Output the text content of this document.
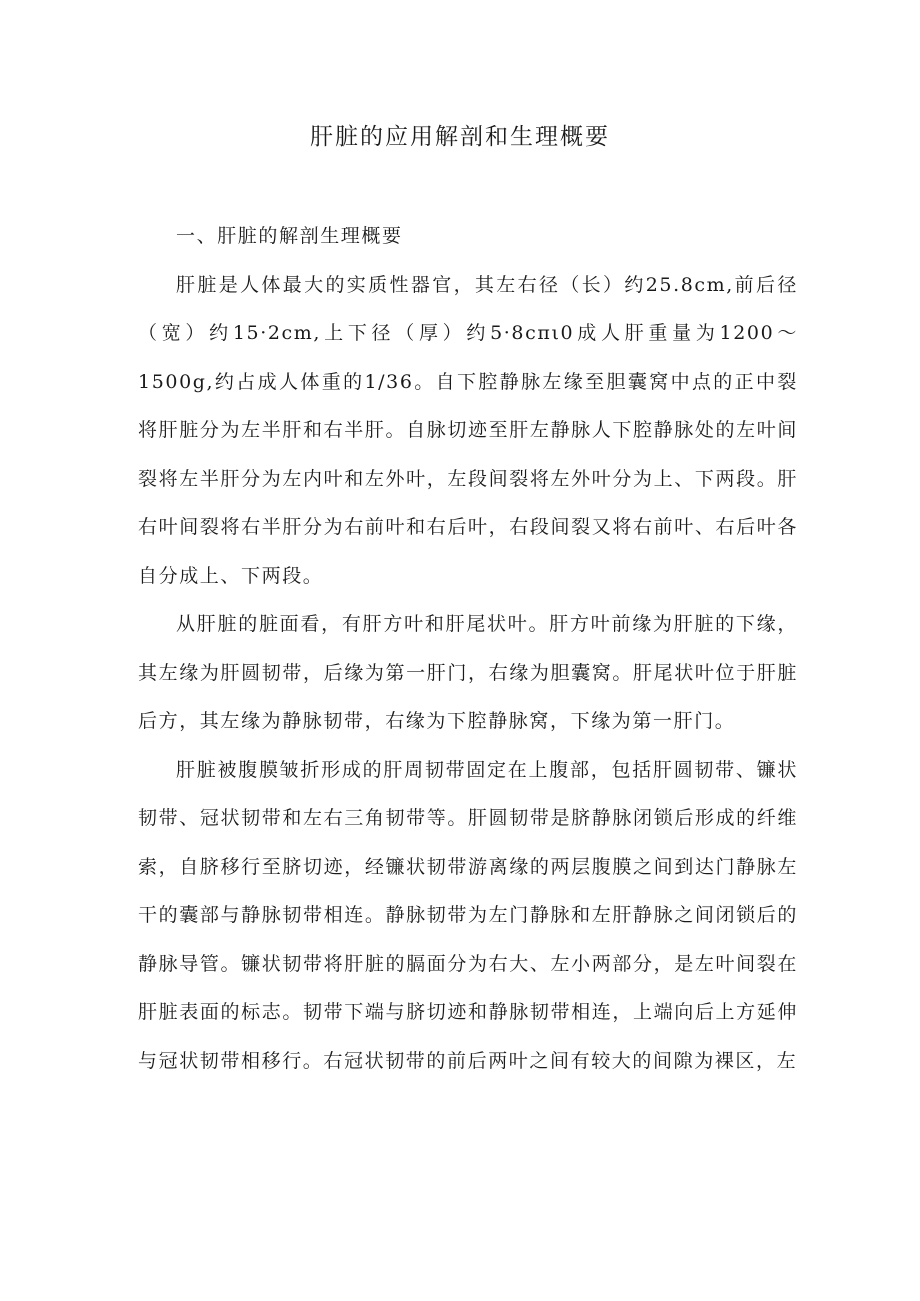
肝脏的应用解剖和生理概要

一、肝脏的解剖生理概要

肝脏是人体最大的实质性器官，其左右径（长）约25.8cm,前后径（宽）约15·2cm,上下径（厚）约5·8cπι0成人肝重量为1200～1500g,约占成人体重的1/36。自下腔静脉左缘至胆囊窝中点的正中裂将肝脏分为左半肝和右半肝。自脉切迹至肝左静脉人下腔静脉处的左叶间裂将左半肝分为左内叶和左外叶，左段间裂将左外叶分为上、下两段。肝右叶间裂将右半肝分为右前叶和右后叶，右段间裂又将右前叶、右后叶各自分成上、下两段。

从肝脏的脏面看，有肝方叶和肝尾状叶。肝方叶前缘为肝脏的下缘，其左缘为肝圆韧带，后缘为第一肝门，右缘为胆囊窝。肝尾状叶位于肝脏后方，其左缘为静脉韧带，右缘为下腔静脉窝，下缘为第一肝门。

肝脏被腹膜皱折形成的肝周韧带固定在上腹部，包括肝圆韧带、镰状韧带、冠状韧带和左右三角韧带等。肝圆韧带是脐静脉闭锁后形成的纤维索，自脐移行至脐切迹，经镰状韧带游离缘的两层腹膜之间到达门静脉左干的囊部与静脉韧带相连。静脉韧带为左门静脉和左肝静脉之间闭锁后的静脉导管。镰状韧带将肝脏的膈面分为右大、左小两部分，是左叶间裂在肝脏表面的标志。韧带下端与脐切迹和静脉韧带相连，上端向后上方延伸与冠状韧带相移行。右冠状韧带的前后两叶之间有较大的间隙为裸区，左
